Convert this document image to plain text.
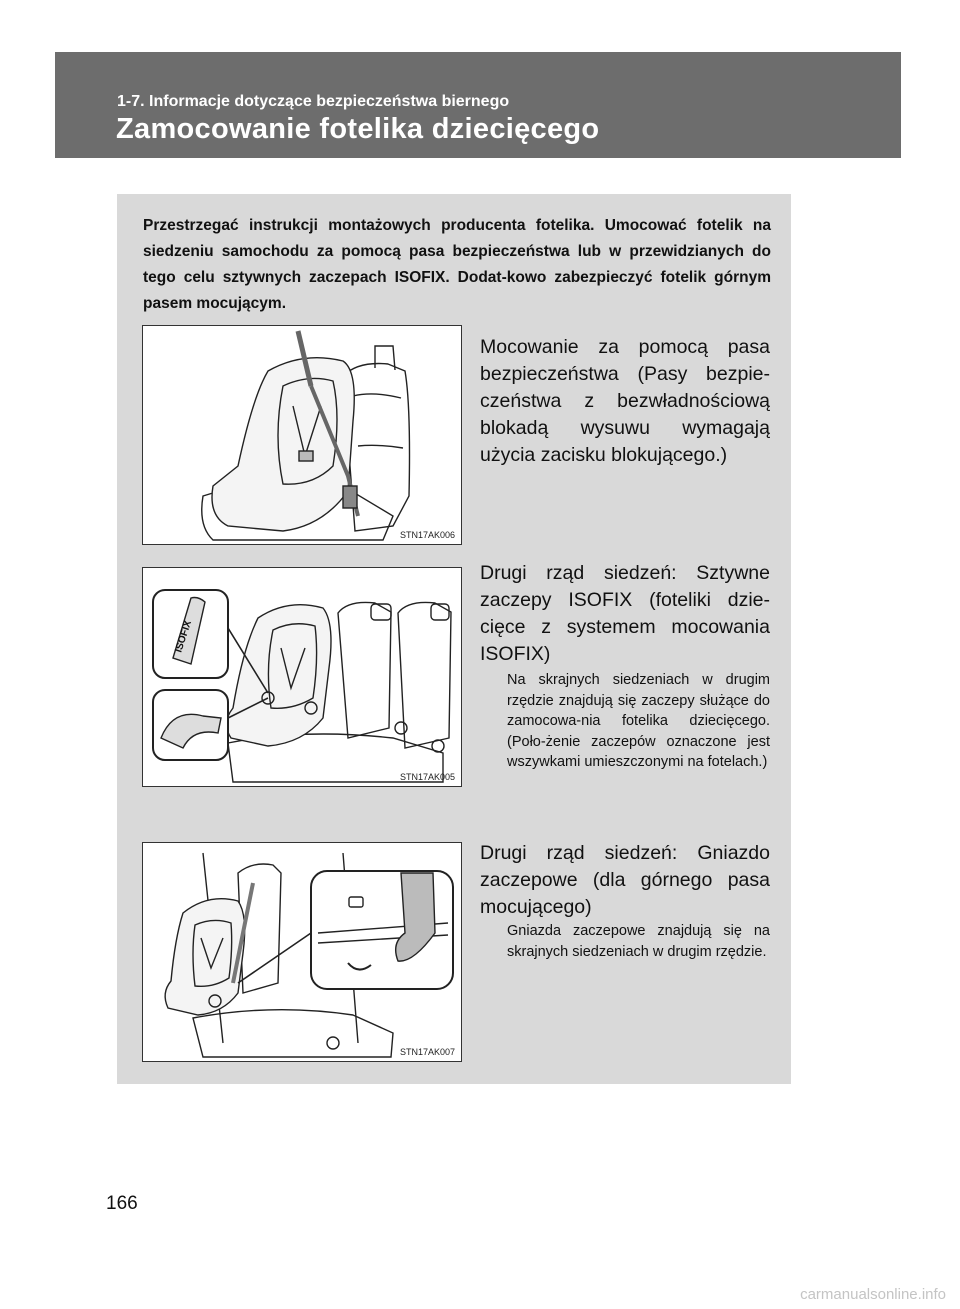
1-7. Informacje dotyczące bezpieczeństwa biernego
Zamocowanie fotelika dziecięcego
Przestrzegać instrukcji montażowych producenta fotelika. Umocować fotelik na siedzeniu samochodu za pomocą pasa bezpieczeństwa lub w przewidzianych do tego celu sztywnych zaczepach ISOFIX. Dodat-kowo zabezpieczyć fotelik górnym pasem mocującym.
STN17AK006
Mocowanie za pomocą pasa bezpieczeństwa (Pasy bezpie-czeństwa z bezwładnościową blokadą wysuwu wymagają użycia zacisku blokującego.)
ISOFIX
STN17AK005
Drugi rząd siedzeń: Sztywne zaczepy ISOFIX (foteliki dzie-cięce z systemem mocowania ISOFIX)
Na skrajnych siedzeniach w drugim rzędzie znajdują się zaczepy służące do zamocowa-nia fotelika dziecięcego. (Poło-żenie zaczepów oznaczone jest wszywkami umieszczonymi na fotelach.)
STN17AK007
Drugi rząd siedzeń: Gniazdo zaczepowe (dla górnego pasa mocującego)
Gniazda zaczepowe znajdują się na skrajnych siedzeniach w drugim rzędzie.
166
carmanualsonline.info
